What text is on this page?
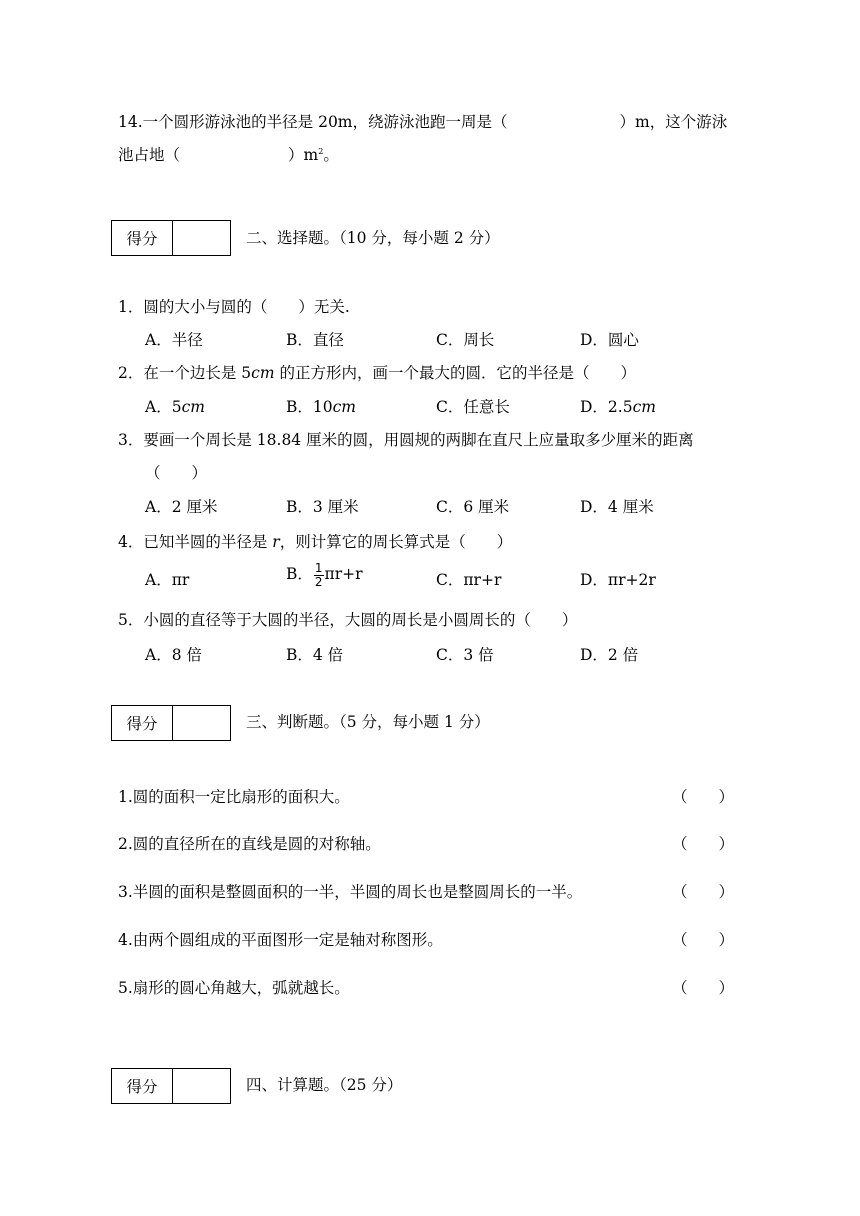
14.一个圆形游泳池的半径是 20m，绕游泳池跑一周是（	）m，这个游泳
池占地（	）$m^2$。
得分	二、选择题。（10 分，每小题 2 分）
1．圆的大小与圆的（　　）无关.
A．半径	B．直径	C．周长	D．圆心
2．在一个边长是 5cm 的正方形内，画一个最大的圆．它的半径是（　　）
A．5cm	B．10cm	C．任意长	D．2.5cm
3．要画一个周长是 18.84 厘米的圆，用圆规的两脚在直尺上应量取多少厘米的距离
（　　）
A．2 厘米	B．3 厘米	C．6 厘米	D．4 厘米
4．已知半圆的半径是 r，则计算它的周长算式是（　　）
A．πr	B． $\frac{1}{2} \pi r+r$	C．πr+r	D．πr+2r
5．小圆的直径等于大圆的半径，大圆的周长是小圆周长的（　　）
A．8 倍	B．4 倍	C．3 倍	D．2 倍
得分	三、判断题。（5 分，每小题 1 分）
1.圆的面积一定比扇形的面积大。	（　　）
2.圆的直径所在的直线是圆的对称轴。	（　　）
3.半圆的面积是整圆面积的一半，半圆的周长也是整圆周长的一半。	（　　）
4.由两个圆组成的平面图形一定是轴对称图形。	（　　）
5.扇形的圆心角越大，弧就越长。	（　　）
得分	四、计算题。（25 分）
